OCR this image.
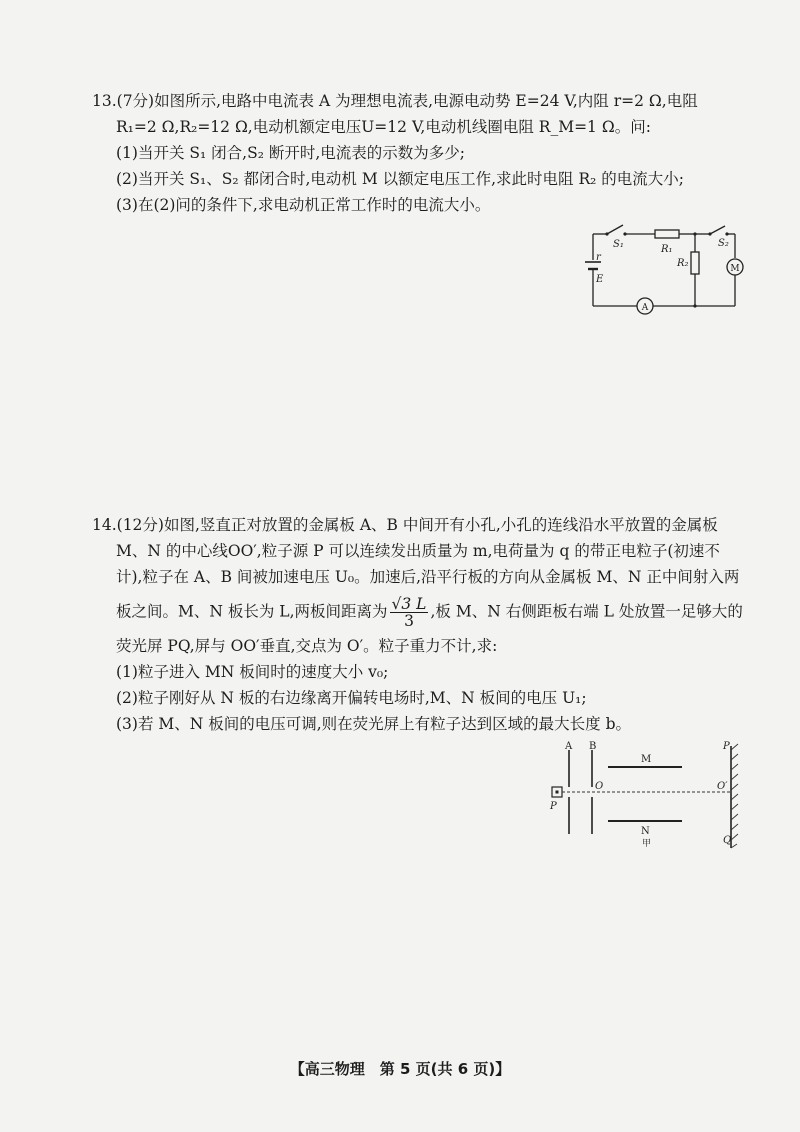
13.(7分)如图所示,电路中电流表 A 为理想电流表,电源电动势 E=24 V,内阻 r=2 Ω,电阻
R₁=2 Ω,R₂=12 Ω,电动机额定电压U=12 V,电动机线圈电阻 R_M=1 Ω。问:
(1)当开关 S₁ 闭合,S₂ 断开时,电流表的示数为多少;
(2)当开关 S₁、S₂ 都闭合时,电动机 M 以额定电压工作,求此时电阻 R₂ 的电流大小;
(3)在(2)问的条件下,求电动机正常工作时的电流大小。
S₁	R₁
R₂
S₂
r
E
A
M
14.(12分)如图,竖直正对放置的金属板 A、B 中间开有小孔,小孔的连线沿水平放置的金属板
M、N 的中心线OO′,粒子源 P 可以连续发出质量为 m,电荷量为 q 的带正电粒子(初速不
计),粒子在 A、B 间被加速电压 U₀。加速后,沿平行板的方向从金属板 M、N 正中间射入两
板之间。M、N 板长为 L,两板间距离为 $\frac{√3 L}{3}$ ,板 M、N 右侧距板右端 L 处放置一足够大的
荧光屏 PQ,屏与 OO′垂直,交点为 O′。粒子重力不计,求:
(1)粒子进入 MN 板间时的速度大小 v₀;
(2)粒子刚好从 N 板的右边缘离开偏转电场时,M、N 板间的电压 U₁;
(3)若 M、N 板间的电压可调,则在荧光屏上有粒子达到区域的最大长度 b。
A B
M
N
甲
O	O′
P
P
Q
【高三物理　第 5 页(共 6 页)】
